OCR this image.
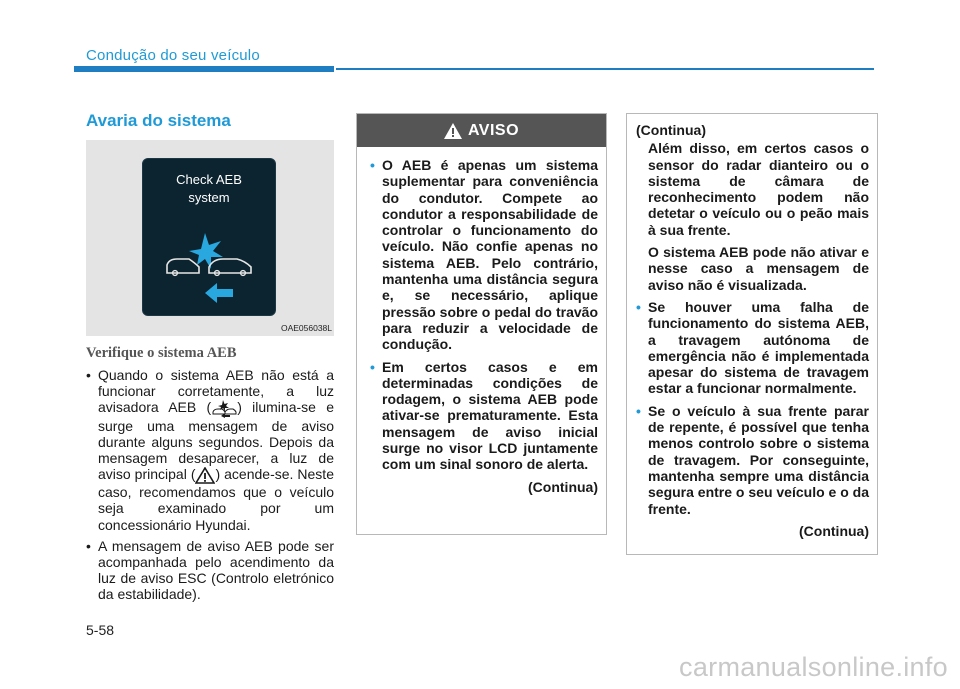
Condução do seu veículo
Avaria do sistema
Check AEB
system
OAE056038L
Verifique o sistema AEB
• Quando o sistema AEB não está a funcionar corretamente, a luz avisadora AEB ( ) ilumina-se e surge uma mensagem de aviso durante alguns segundos. Depois da mensagem desaparecer, a luz de aviso principal ( ) acende-se. Neste caso, recomendamos que o veículo seja examinado por um concessionário Hyundai.
• A mensagem de aviso AEB pode ser acompanhada pelo acendimento da luz de aviso ESC (Controlo eletrónico da estabilidade).
AVISO
• O AEB é apenas um sistema suplementar para conveniência do condutor. Compete ao condutor a responsabilidade de controlar o funcionamento do veículo. Não confie apenas no sistema AEB. Pelo contrário, mantenha uma distância segura e, se necessário, aplique pressão sobre o pedal do travão para reduzir a velocidade de condução.
• Em certos casos e em determinadas condições de rodagem, o sistema AEB pode ativar-se prematuramente. Esta mensagem de aviso inicial surge no visor LCD juntamente com um sinal sonoro de alerta.
(Continua)
(Continua)
Além disso, em certos casos o sensor do radar dianteiro ou o sistema de câmara de reconhecimento podem não detetar o veículo ou o peão mais à sua frente.
O sistema AEB pode não ativar e nesse caso a mensagem de aviso não é visualizada.
• Se houver uma falha de funcionamento do sistema AEB, a travagem autónoma de emergência não é implementada apesar do sistema de travagem estar a funcionar normalmente.
• Se o veículo à sua frente parar de repente, é possível que tenha menos controlo sobre o sistema de travagem. Por conseguinte, mantenha sempre uma distância segura entre o seu veículo e o da frente.
(Continua)
5-58
carmanualsonline.info
